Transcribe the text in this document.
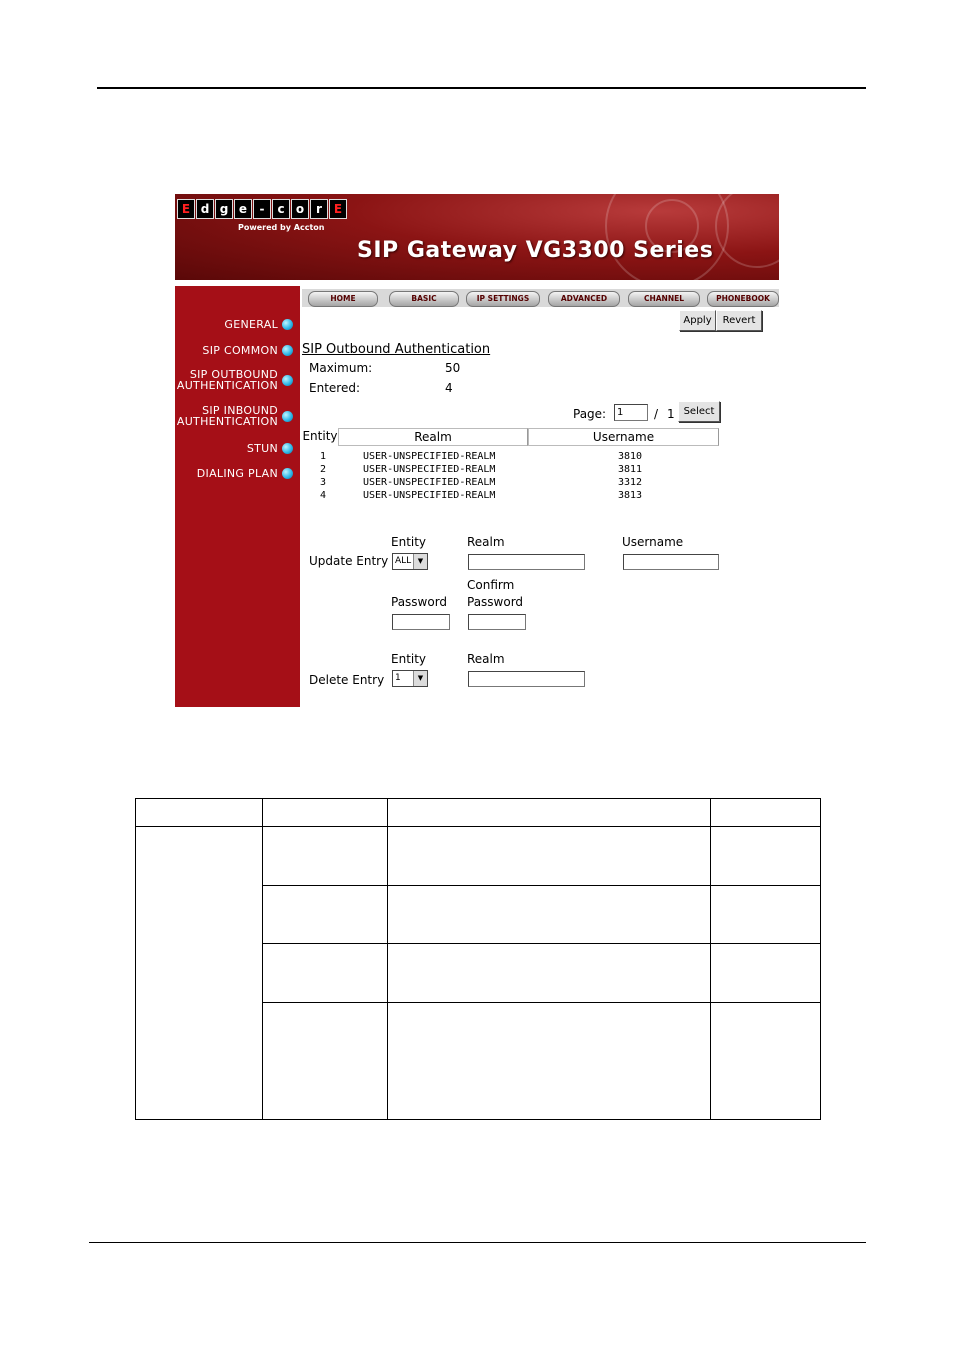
E d g e	-	c o r E
Powered by Accton
SIP Gateway VG3300 Series
GENERAL
SIP COMMON
SIP OUTBOUND
AUTHENTICATION
SIP INBOUND
AUTHENTICATION
STUN
DIALING PLAN
HOME	BASIC	IP SETTINGS	ADVANCED	CHANNEL	PHONEBOOK
Apply	Revert
SIP Outbound Authentication
Maximum:	50
Entered:	4
Page:	1	/ 1 Select
Entity	Realm	Username
1	USER-UNSPECIFIED-REALM	3810
2	USER-UNSPECIFIED-REALM	3811
3	USER-UNSPECIFIED-REALM	3312
4	USER-UNSPECIFIED-REALM	3813
Entity	Realm	Username
Update Entry ALL ▼
Confirm
Password Password
Entity	Realm
Delete Entry	1	▼
